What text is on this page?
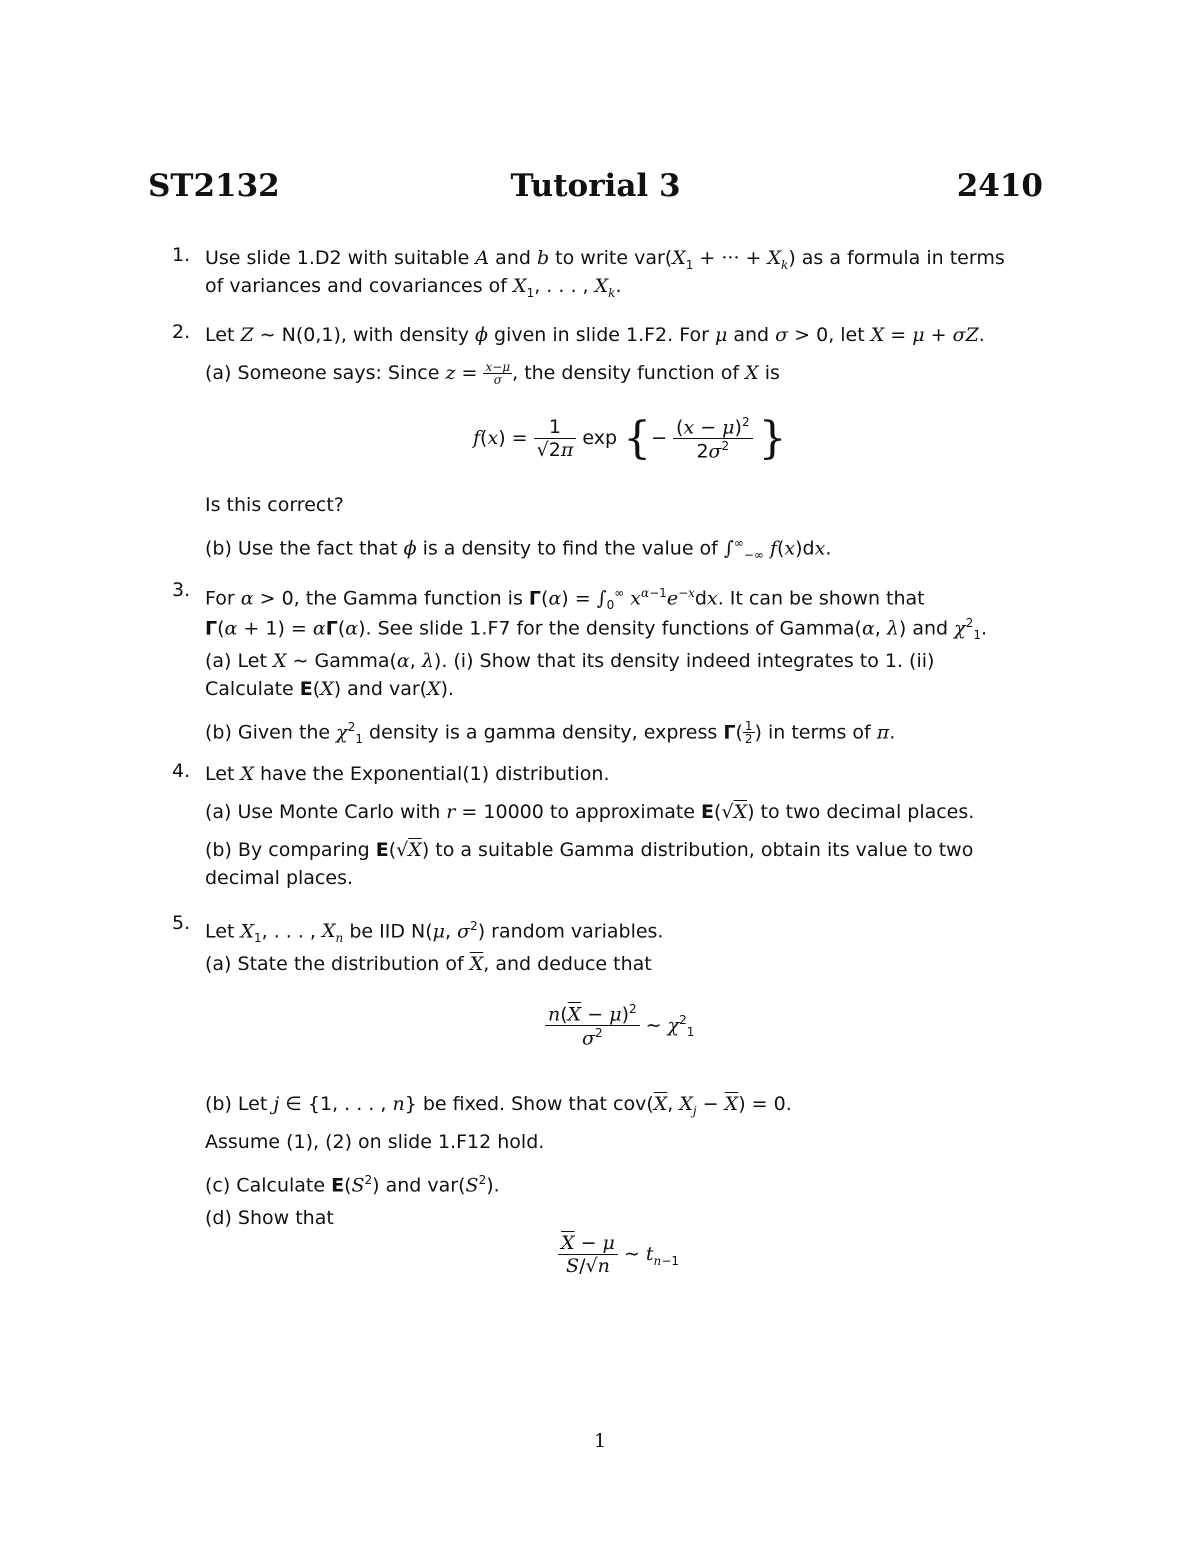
ST2132	Tutorial 3	2410
1. Use slide 1.D2 with suitable A and b to write $var(X_1$ + ··· + $X_k$) as a formula in terms
of variances and covariances of $X_1$, . . . , $X_k$.
2. Let Z ∼ N(0,1), with density ϕ given in slide 1.F2. For μ and σ > 0, let X = μ + σZ.
(a) Someone says: Since $z = \frac{x-\mu}{\sigma}$ , the density function of X is
$f(x) = \frac{1}{√2\pi}$ exp {− $\frac{(x - \mu)^2}{2\sigma^2}$ }
Is this correct?
(b) Use the fact that ϕ is a density to find the value of $\int^\infty_{-\infty}$ f(x)dx.
3. For α > 0, the Gamma function is $\Gamma(\alpha) = \int_0^\infty$ $x^{\alpha-1}e^{-x}dx$. It can be shown that
Γ(α + 1) = αΓ(α). See slide 1.F7 for the density functions of Gamma(α, λ) and $\chi^2_1$.
(a) Let X ∼ Gamma(α, λ). (i) Show that its density indeed integrates to 1. (ii)
Calculate E(X) and var(X).
(b) Given the $\chi^2_1$ density is a gamma density, express $\Gamma( \frac{1}{2}$ ) in terms of π.
4. Let X have the Exponential(1) distribution.
(a) Use Monte Carlo with r = 10000 to approximate E(√X) to two decimal places.
(b) By comparing E(√X) to a suitable Gamma distribution, obtain its value to two
decimal places.
5. Let $X_1$, . . . , $X_n$ be IID N(μ, $\sigma^2$) random variables.
(a) State the distribution of $\overline{X}$, and deduce that
$\frac{n(\overline{X} - \mu)^2}{\sigma^2}$ ∼ $\chi^2_1$
(b) Let j ∈ {1, . . . , n} be fixed. Show that $cov(\overline{X}$, $X_j - \overline{X}) = 0$.
Assume (1), (2) on slide 1.F12 hold.
(c) Calculate $E(S^2)$ and $var(S^2)$.
(d) Show that
$\frac{\overline{X} - \mu}{S/√n}$ ∼ $t_{n-1}$
1
